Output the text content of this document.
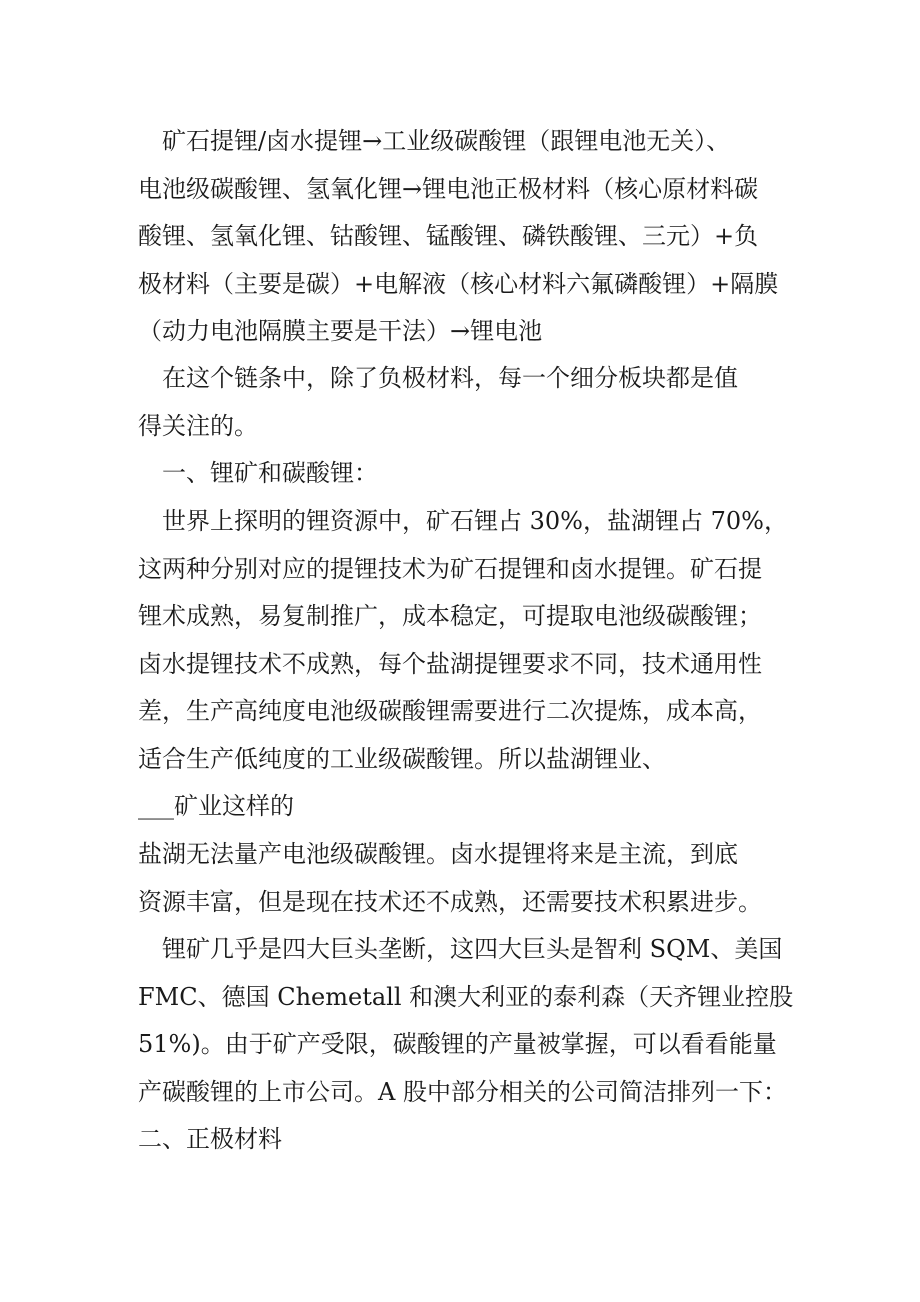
　矿石提锂/卤水提锂→工业级碳酸锂（跟锂电池无关）、
电池级碳酸锂、氢氧化锂→锂电池正极材料（核心原材料碳
酸锂、氢氧化锂、钴酸锂、锰酸锂、磷铁酸锂、三元）+负
极材料（主要是碳）+电解液（核心材料六氟磷酸锂）+隔膜
（动力电池隔膜主要是干法）→锂电池

　在这个链条中，除了负极材料，每一个细分板块都是值
得关注的。

　一、锂矿和碳酸锂：

　世界上探明的锂资源中，矿石锂占 30%，盐湖锂占 70%，
这两种分别对应的提锂技术为矿石提锂和卤水提锂。矿石提
锂术成熟，易复制推广，成本稳定，可提取电池级碳酸锂；
卤水提锂技术不成熟，每个盐湖提锂要求不同，技术通用性
差，生产高纯度电池级碳酸锂需要进行二次提炼，成本高，
适合生产低纯度的工业级碳酸锂。所以盐湖锂业、

___矿业这样的

盐湖无法量产电池级碳酸锂。卤水提锂将来是主流，到底
资源丰富，但是现在技术还不成熟，还需要技术积累进步。

　锂矿几乎是四大巨头垄断，这四大巨头是智利 SQM、美国
FMC、德国 Chemetall 和澳大利亚的泰利森（天齐锂业控股
51%)。由于矿产受限，碳酸锂的产量被掌握，可以看看能量
产碳酸锂的上市公司。A 股中部分相关的公司简洁排列一下：

二、正极材料
